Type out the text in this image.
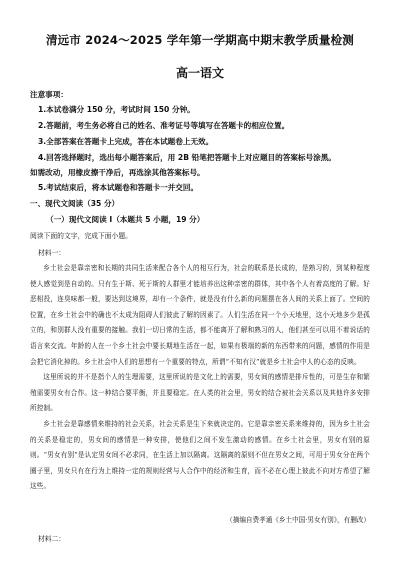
清远市 2024～2025 学年第一学期高中期末教学质量检测
高一语文
注意事项：
1.本试卷满分 150 分，考试时间 150 分钟。
2.答题前，考生务必将自己的姓名、准考证号等填写在答题卡的相应位置。
3.全部答案在答题卡上完成，答在本试题卷上无效。
4.回答选择题时，选出每小题答案后，用 2B 铅笔把答题卡上对应题目的答案标号涂黑。
如需改动，用橡皮擦干净后，再选涂其他答案标号。
5.考试结束后，将本试题卷和答题卡一并交回。
一、现代文阅读（35 分）
（一）现代文阅读 I（本题共 5 小题，19 分）
阅读下面的文字，完成下面小题。
材料一：

乡土社会是靠亲密和长期的共同生活来配合各个人的相互行为，社会的联系是长成的，是熟习的，到某种程度使人感觉到是自动的。只有生于斯、死于斯的人群里才能培养出这种亲密的群体，其中各个人有着高度的了解。好恶相投，连臭味都一般，要达到这境界，却有一个条件，就是没有什么新的问题摆在各人间的关系上面了。空间的位置，在乡土社会中的确也不太成为阻碍人们彼此了解的因素了。人们生活在同一个小天地里，这小天地多少是孤立的，和别群人没有重要的接触。我们一切日常的生活，都不能离开了解和熟习的人，他们甚至可以用不着说话的语言来交流。年龄的人在一个乡土社会中要长期地生活在一起，如果有极端的新的东西带来的问题，感情的作用是会把它消化掉的。乡土社会中人们的思想有一个重要的特点，所谓“不知有汉”就是乡土社会中人的心态的反映。

这里所说的并不是指个人的生理需要，这里所说的是文化上的需要，男女间的感情是排斥性的，可是生存和繁殖需要男女有合作。这一种结合要平衡，并且要稳定。在人类的社会里，男女的结合被社会关系以及其他许多安排所控制。

乡土社会是靠感情来维持的社会关系，社会关系是生下来就决定的。它是靠亲密关系来维持的，因为乡土社会的关系是稳定的，男女间的感情是一种安排，使他们之间不发生激动的感情。在乡土社会里，男女有别的原则。“男女有别”是认定男女间不必求同，在生活上加以隔离。这隔离的原则不但在男女之间，可用于男女分在两个圈子里，男女只有在行为上维持一定的规则经营与人合作中的经济和生育，而不必在心理上彼此不向对方希望了解这些。

（摘编自费孝通《乡土中国·男女有别》，有删改）
材料二：
